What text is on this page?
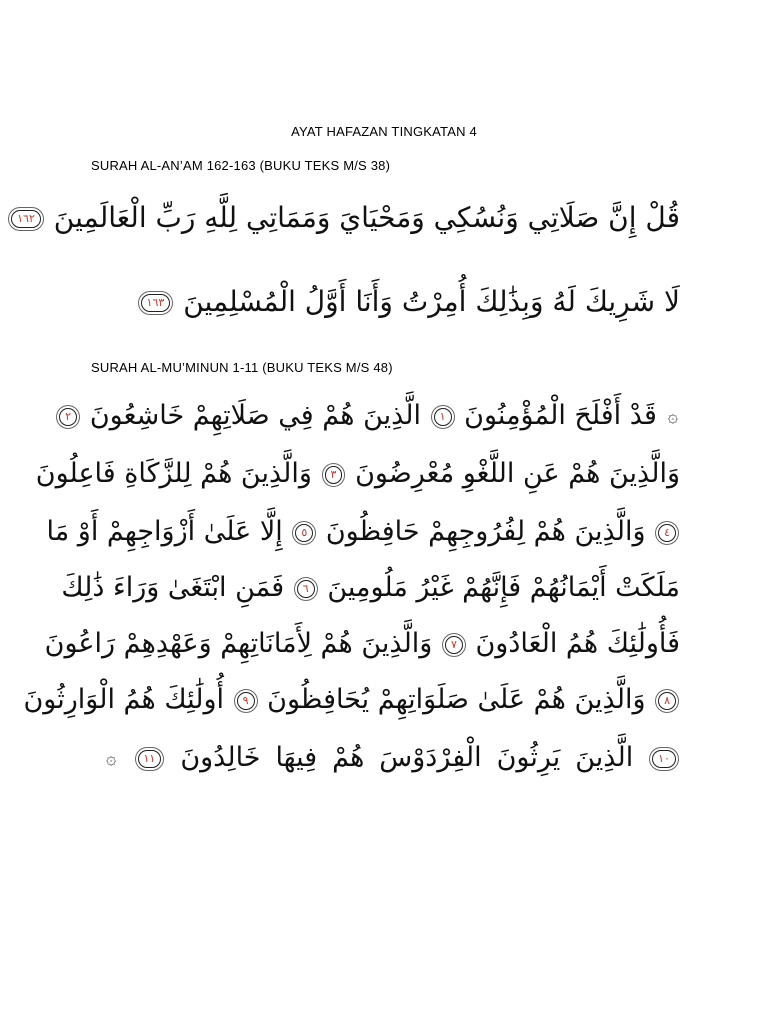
AYAT HAFAZAN TINGKATAN 4
SURAH AL-AN’AM 162-163 (BUKU TEKS M/S 38)
قُلْ إِنَّ صَلَاتِي وَنُسُكِي وَمَحْيَايَ وَمَمَاتِي لِلَّهِ رَبِّ الْعَالَمِينَ ١٦٢
لَا شَرِيكَ لَهُ وَبِذَٰلِكَ أُمِرْتُ وَأَنَا أَوَّلُ الْمُسْلِمِينَ ١٦٣
SURAH AL-MU’MINUN 1-11 (BUKU TEKS M/S 48)
۞ قَدْ أَفْلَحَ الْمُؤْمِنُونَ ١ الَّذِينَ هُمْ فِي صَلَاتِهِمْ خَاشِعُونَ ٢
وَالَّذِينَ هُمْ عَنِ اللَّغْوِ مُعْرِضُونَ ٣ وَالَّذِينَ هُمْ لِلزَّكَاةِ فَاعِلُونَ
٤ وَالَّذِينَ هُمْ لِفُرُوجِهِمْ حَافِظُونَ ٥ إِلَّا عَلَىٰ أَزْوَاجِهِمْ أَوْ مَا
مَلَكَتْ أَيْمَانُهُمْ فَإِنَّهُمْ غَيْرُ مَلُومِينَ ٦ فَمَنِ ابْتَغَىٰ وَرَاءَ ذَٰلِكَ
فَأُولَٰئِكَ هُمُ الْعَادُونَ ٧ وَالَّذِينَ هُمْ لِأَمَانَاتِهِمْ وَعَهْدِهِمْ رَاعُونَ
٨ وَالَّذِينَ هُمْ عَلَىٰ صَلَوَاتِهِمْ يُحَافِظُونَ ٩ أُولَٰئِكَ هُمُ الْوَارِثُونَ
١٠ الَّذِينَ يَرِثُونَ الْفِرْدَوْسَ هُمْ فِيهَا خَالِدُونَ ١١ ۞
